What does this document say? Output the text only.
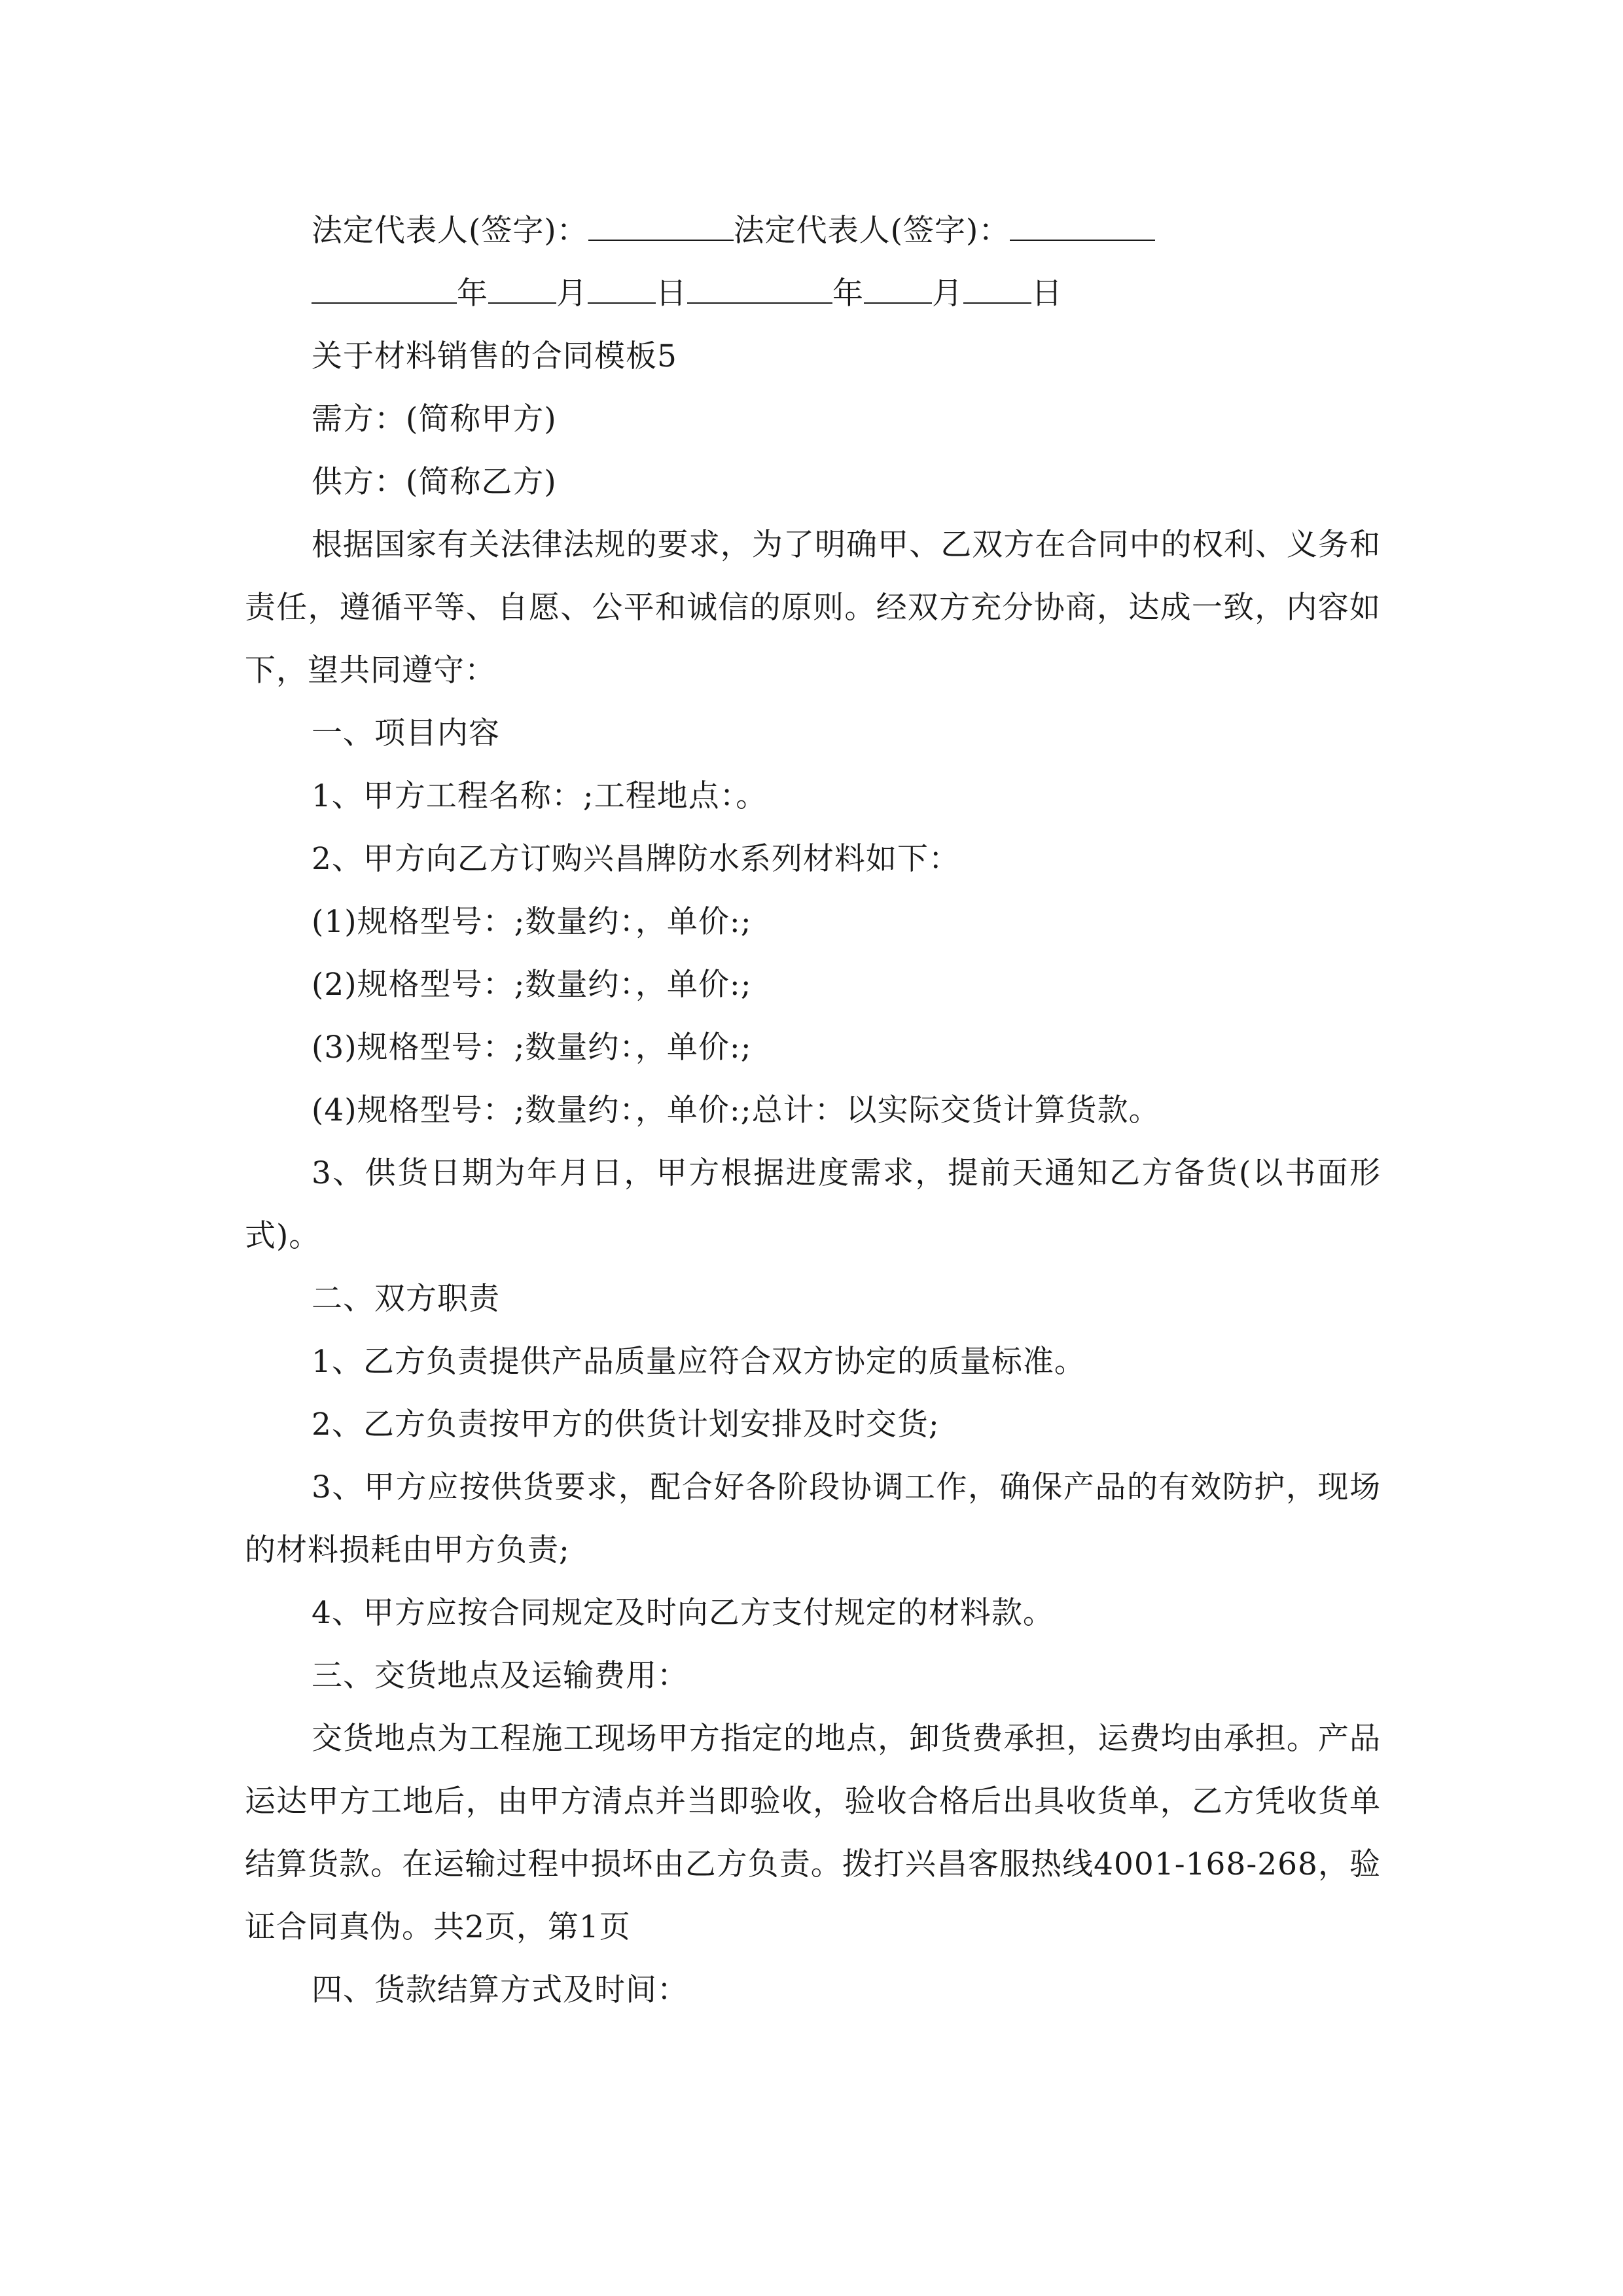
法定代表人(签字)：	法定代表人(签字)：

年 月 日	年 月 日

关于材料销售的合同模板5

需方：(简称甲方)

供方：(简称乙方)

根据国家有关法律法规的要求，为了明确甲、乙双方在合同中的权利、义务和责任，遵循平等、自愿、公平和诚信的原则。经双方充分协商，达成一致，内容如下，望共同遵守：

一、项目内容

1、甲方工程名称：;工程地点：。

2、甲方向乙方订购兴昌牌防水系列材料如下：

(1)规格型号：;数量约：，单价:;

(2)规格型号：;数量约：，单价:;

(3)规格型号：;数量约：，单价:;

(4)规格型号：;数量约：，单价:;总计：以实际交货计算货款。

3、供货日期为年月日，甲方根据进度需求，提前天通知乙方备货(以书面形式)。

二、双方职责

1、乙方负责提供产品质量应符合双方协定的质量标准。

2、乙方负责按甲方的供货计划安排及时交货;

3、甲方应按供货要求，配合好各阶段协调工作，确保产品的有效防护，现场的材料损耗由甲方负责;

4、甲方应按合同规定及时向乙方支付规定的材料款。

三、交货地点及运输费用：

交货地点为工程施工现场甲方指定的地点，卸货费承担，运费均由承担。产品运达甲方工地后，由甲方清点并当即验收，验收合格后出具收货单，乙方凭收货单结算货款。在运输过程中损坏由乙方负责。拨打兴昌客服热线4001-168-268，验证合同真伪。共2页，第1页

四、货款结算方式及时间：
